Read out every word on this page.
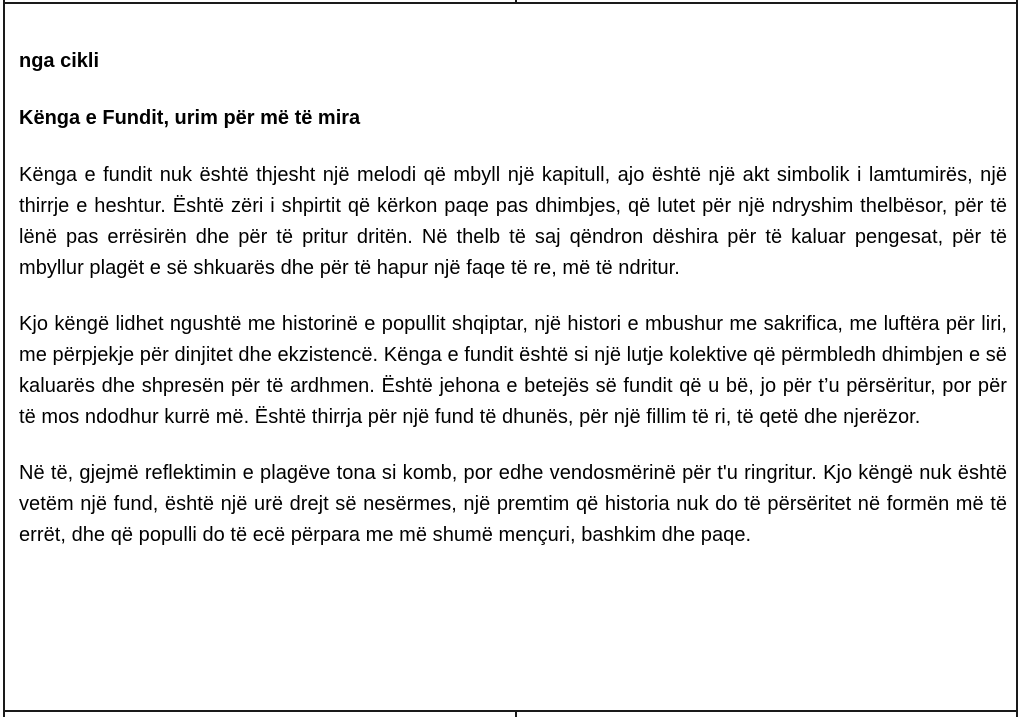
nga cikli

Kënga e Fundit, urim për më të mira

Kënga e fundit nuk është thjesht një melodi që mbyll një kapitull, ajo është një akt simbolik i lamtumirës, një thirrje e heshtur. Është zëri i shpirtit që kërkon paqe pas dhimbjes, që lutet për një ndryshim thelbësor, për të lënë pas errësirën dhe për të pritur dritën. Në thelb të saj qëndron dëshira për të kaluar pengesat, për të mbyllur plagët e së shkuarës dhe për të hapur një faqe të re, më të ndritur.

Kjo këngë lidhet ngushtë me historinë e popullit shqiptar, një histori e mbushur me sakrifica, me luftëra për liri, me përpjekje për dinjitet dhe ekzistencë. Kënga e fundit është si një lutje kolektive që përmbledh dhimbjen e së kaluarës dhe shpresën për të ardhmen. Është jehona e betejës së fundit që u bë, jo për t’u përsëritur, por për të mos ndodhur kurrë më. Është thirrja për një fund të dhunës, për një fillim të ri, të qetë dhe njerëzor.

Në të, gjejmë reflektimin e plagëve tona si komb, por edhe vendosmërinë për t'u ringritur. Kjo këngë nuk është vetëm një fund, është një urë drejt së nesërmes, një premtim që historia nuk do të përsëritet në formën më të errët, dhe që populli do të ecë përpara me më shumë mençuri, bashkim dhe paqe.
